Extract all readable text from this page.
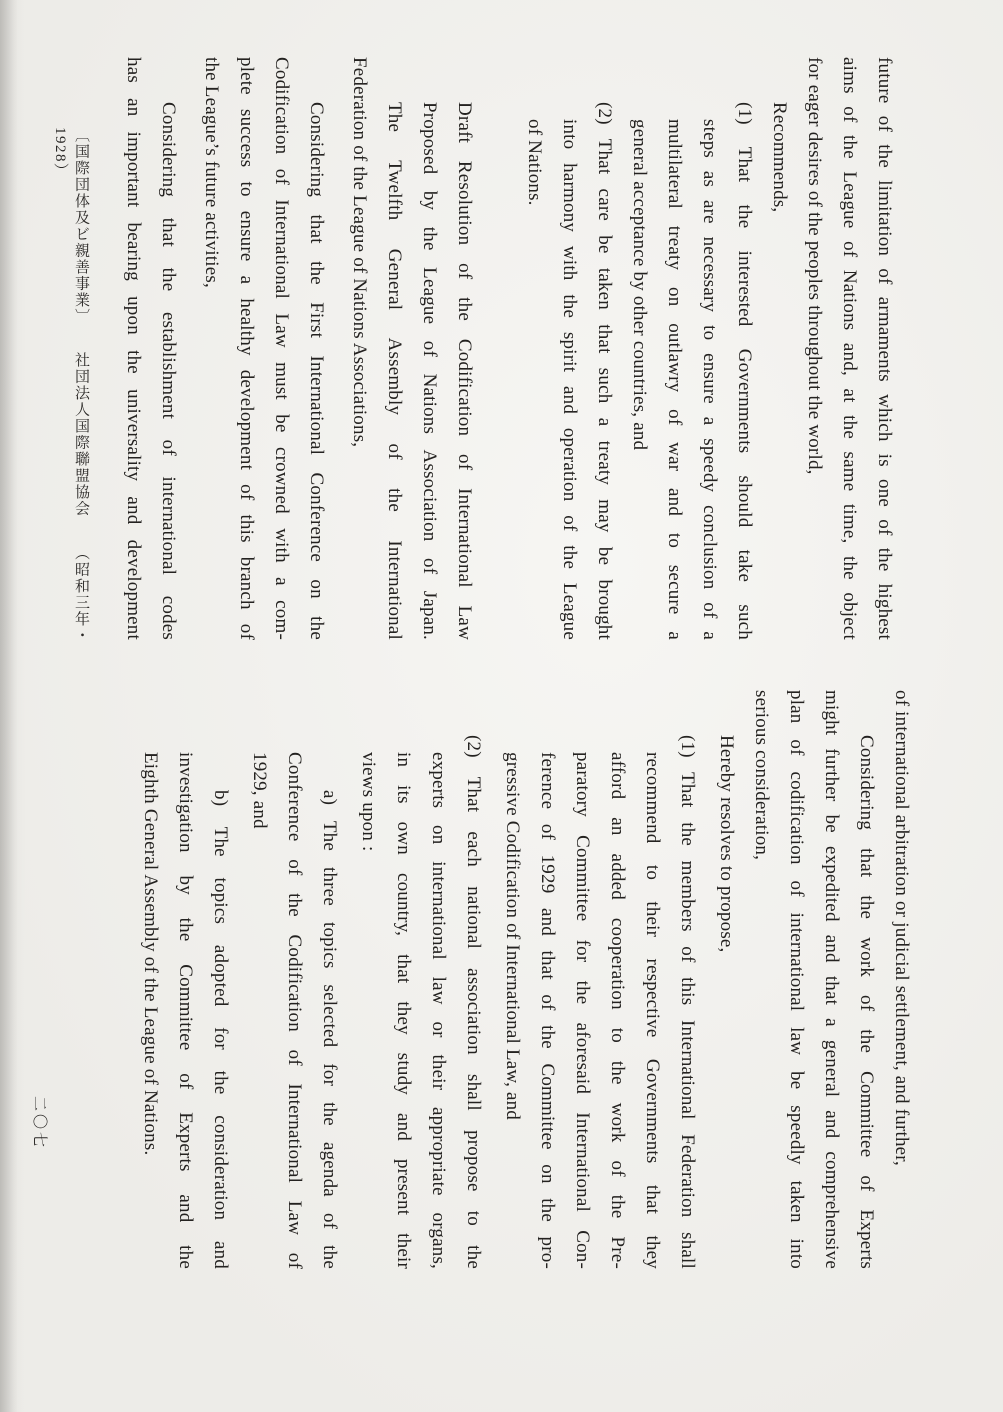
〔国際団体及ビ親善事業〕 社団法人国際聯盟協会 （昭和三年・1928）	future of the limitation of armaments which is one of the highest

aims of the League of Nations and, at the same time, the object

for eager desires of the peoples throughout the world,

Recommends,

(1) That the interested Governments should take such

steps as are necessary to ensure a speedy conclusion of a

multilateral treaty on outlawry of war and to secure a

general acceptance by other countries, and

(2) That care be taken that such a treaty may be brought

into harmony with the spirit and operation of the League

of Nations.

Draft Resolution of the Codification of International Law

Proposed by the League of Nations Association of Japan.

The Twelfth General Assembly of the International

Federation of the League of Nations Associations,

Considering that the First International Conference on the

Codification of International Law must be crowned with a com-

plete success to ensure a healthy development of this branch of

the League’s future activities,

Considering that the establishment of international codes

has an important bearing upon the universality and development

of international arbitration or judicial settlement, and further,

Considering that the work of the Committee of Experts

might further be expedited and that a general and comprehensive

plan of codification of international law be speedly taken into

serious consideration,

Hereby resolves to propose,

(1) That the members of this International Federation shall

recommend to their respective Governments that they

afford an added cooperation to the work of the Pre-

paratory Committee for the aforesaid International Con-

ference of 1929 and that of the Committee on the pro-

gressive Codification of International Law, and

(2) That each national association shall propose to the

experts on international law or their appropriate organs,

in its own country, that they study and present their

views upon :

a) The three topics selected for the agenda of the

Conference of the Codification of International Law of

1929, and

b) The topics adopted for the consideration and

investigation by the Committee of Experts and the

Eighth General Assembly of the League of Nations.

二〇七
